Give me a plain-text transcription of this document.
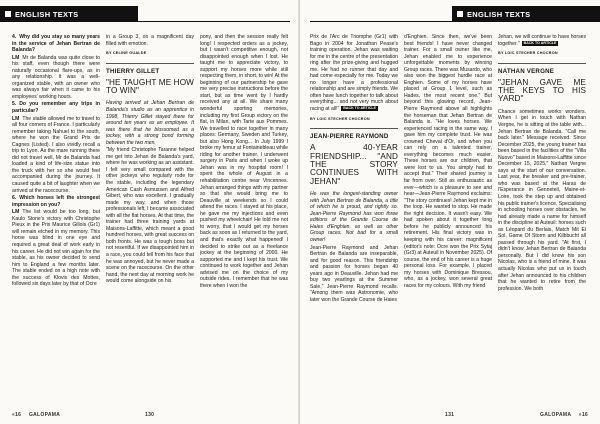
ENGLISH TEXTS

4. Why did you stay so many years in the service of Jehan Bertran de Balanda?

LM Mr de Balanda was quite close to his staff, even though there were naturally occasional flare-ups, as in any relationship. It was a well-organized stable, with an owner who was always fair when it came to his employees' working hours.

5. Do you remember any trips in particular?

LM The stable allowed me to travel to all four corners of France. I particularly remember taking Nahuel to the south, where he won the Grand Prix de Cagnes (Listed). I also vividly recall a trip to Lyon. As the mare running there did not travel well, Mr de Balanda had loaded a kind of life-size statue into the truck with her so she would feel accompanied during the journey. It caused quite a bit of laughter when we arrived at the racecourse.

6. Which horses left the strongest impression on you?

LM The list would be too long, but Kaulo Stone's victory with Christophe Pieux in the Prix Maurice Gillois (Gr1) will remain etched in my memory. This horse was blind in one eye and required a great deal of work early in his career. He did not win again for the stable, as his owner decided to send him to England a few months later. The stable ended on a high note with the success of Klovis des Mottes, followed six days later by that of Ocre

in a Group 3, on a magnificent day filled with emotion.

BY CELINE GUALDE
THIERRY GILLET
"HE TAUGHT ME HOW TO WIN"

Having arrived at Jehan Bertran de Balanda's studio as an apprentice in 1998, Thierry Gillet stayed there for around ten years as an employee. It was there that he blossomed as a jockey, with a strong bond forming between the two men.

"My friend Christophe Taranne helped me get into Jehan de Balanda's yard, where he was working as an assistant. I felt very small compared with the other jockeys who regularly rode for the stable, including the legendary American Cash Asmussen and Alfred Gibert, who was excellent. I gradually made my way, and when those professionals left, I became associated with all the flat horses. At that time, the trainer had three training yards at Maisons-Laffitte, which meant a good hundred horses, with great success on both fronts. He was a tough boss but not resentful. If we disappointed him in a race, you could tell from his face that he was annoyed, but he never made a scene on the racecourse. On the other hand, the next day at morning work he would come alongside on his

pony, and then the session really felt long! I respected orders as a jockey, but I wasn't competitive enough, not disappointed enough when I lost. He taught me to appreciate victory, to support my horses more while still respecting them, in short, to win! At the beginning of our partnership he gave me very precise instructions before the start, but as time went by I hardly received any at all. We share many wonderful sporting memories, including my first Group victory on the flat, in Milan, with Tarte aux Pommes. We travelled to race together in many places: Germany, Sweden and Turkey, but also Hong Kong... In July 1999 I broke my femur at Fontainebleau while riding for another trainer. I underwent surgery in Paris and when I woke up Jehan was in my hospital room! I spent the whole of August in a rehabilitation centre near Vincennes. Jehan arranged things with my partner so that she would bring me to Deauville at weekends so I could attend the races. I stayed at his place, he gave me my injections and even pushed my wheelchair! He told me not to worry, that I would get my horses back as soon as I returned to the yard, and that's exactly what happened! I decided to strike out as a freelance jockey at the beginning of 2000. He supported me and I kept his trust. We continued to work together and Jehan advised me on the choice of my outside rides. I remember that he was there when I won the

«16 GALOPAMA	130
ENGLISH TEXTS

Prix de l'Arc de Triomphe (Gr1) with Bago in 2004 for Jonathan Pease's training operation. Jehan was waiting for me in the centre of the presentation ring after the prize-giving and hugged me. He had no runner that day and had come especially for me. Today we no longer have a professional relationship and are simply friends. We often have lunch together to talk about everything... and not very much about racing at all!" BACK TO ARTICLE

BY LOIC STECHER CHOCRON
JEAN-PIERRE RAYMOND
A 40-YEAR FRIENDSHIP... "AND THE STORY CONTINUES WITH JEHAN"

He was the longest-standing owner with Jehan Bertran de Balanda, a title of which he is proud, and rightly so. Jean-Pierre Raymond has won three editions of the Grande Course de Haies d'Enghien, as well as other Group races. Not bad for a small owner!

Jean-Pierre Raymond and Jehan Bertran de Balanda are inseparable, and for good reason. This friendship and passion for horses began 40 years ago in Deauville. Jehan had me buy two yearlings at the Summer Sale," Jean-Pierre Raymond recalls. "Among them was Astronomie, who later won the Grande Course de Haies

d'Enghien. Since then, we've been best friends! I have never changed trainer. For a small owner like me, Jehan enabled me to experience unforgettable moments by winning Group races. There was Musardo, who also won the biggest hurdle race at Enghien. Some of my horses have placed at Group 1 level, such as Hades, the most recent one." But beyond this glowing record, Jean-Pierre Raymond above all highlights the horseman that Jehan Bertran de Balanda is. "He loves horses. We experienced racing in the same way. I gave him my complete trust. He was crowned Cheval d'Or, and when you can rely on a talented trainer, everything becomes much easier. These horses are our children, that were lost to us. You simply had to accept that." Their shared journey is far from over. Still as enthusiastic as ever—which is a pleasure to see and hear—Jean-Pierre Raymond exclaims: "The story continues! Jehan kept me in the loop. He wanted to stop. He made the right decision. It wasn't easy. We had spoken about it together long before he publicly announced his retirement. His final victory was in keeping with his career: magnificent (editor's note: Ocre won the Prix Sytaj (Gr3) at Auteuil in November 2025). Of course, the end of his career is a huge personal loss. For example, I placed my horses with Dominique Bressou, who, as a jockey, won several great races for my colours. With my friend

Jehan, we will continue to have horses together." BACK TO ARTICLE

BY LOIC STECHER CHOCRON
NATHAN VERGNE
"JEHAN GAVE ME THE KEYS TO HIS YARD"

Chance sometimes works wonders. When I get in touch with Nathan Vergne, he is sitting at the table with... Jehan Bertran de Balanda. "Call me back later." Message received. Since December 2025, the young trainer has been based in the facilities of the "Villa Nuovo" based in Maisons-Laffitte since December 15, 2025," Nathan Vergne says at the start of our conversation. Last year, the breaker and pre-trainer, who was based at the Haras de l'Esperance in Genneteil, Maine-et-Loire, took the step up and obtained his public trainer's licence. Specialising in schooling horses over obstacles, he had already made a name for himself in the discipline at Auteuil: horses such as Léopard du Berlais, Match Mit El Sol, Game Of Storm and Kilbbucht all passed through his yard. "At first, I didn't know Jehan Bertran de Balanda personally. But I did know his son Nicolas, who is a friend of mine. It was actually Nicolas who put us in touch after Jehan announced to his children that he wanted to retire from the profession. We both

131	GALOPAMA »16
